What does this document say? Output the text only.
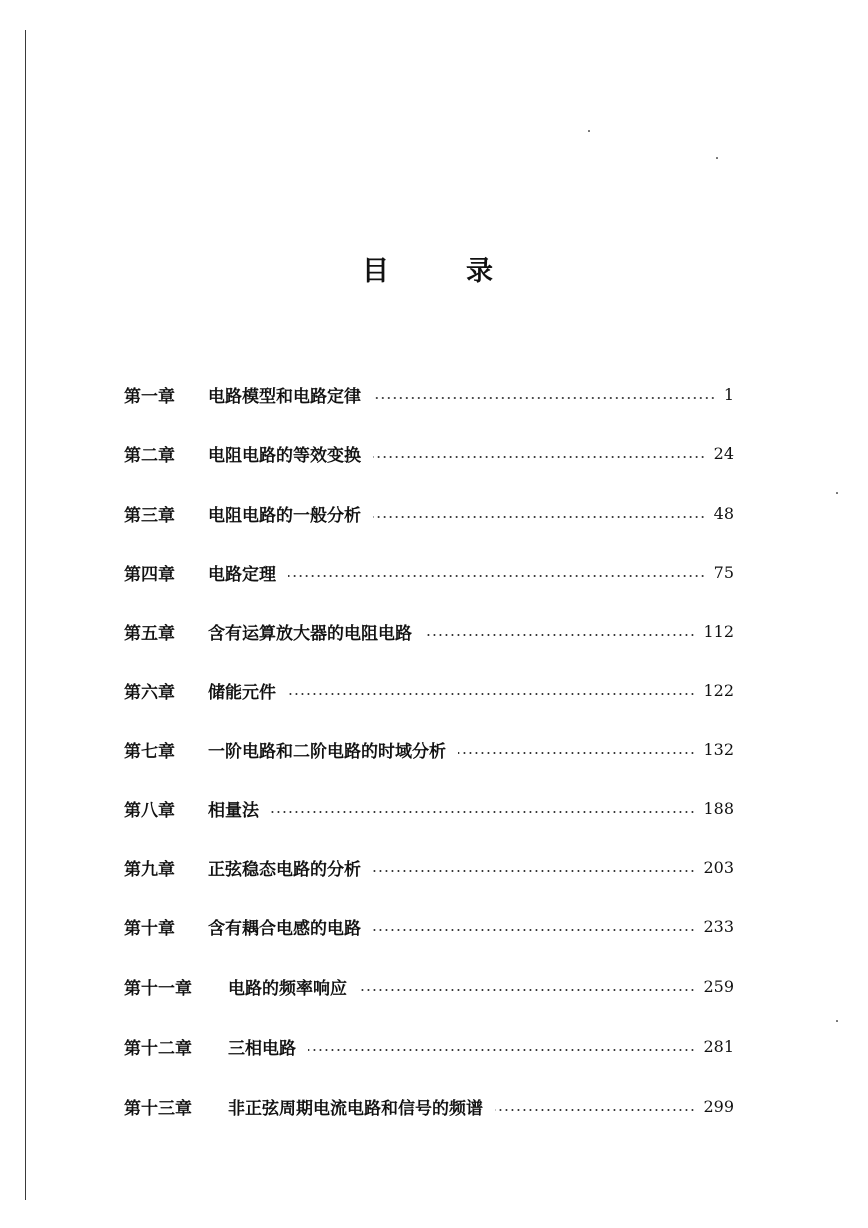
目	录
第一章	电路模型和电路定律	1
第二章	电阻电路的等效变换	24
第三章	电阻电路的一般分析	48
第四章	电路定理	75
第五章	含有运算放大器的电阻电路	112
第六章	储能元件	122
第七章	一阶电路和二阶电路的时域分析	132
第八章	相量法	188
第九章	正弦稳态电路的分析	203
第十章	含有耦合电感的电路	233
第十一章	电路的频率响应	259
第十二章	三相电路	281
第十三章	非正弦周期电流电路和信号的频谱	299
